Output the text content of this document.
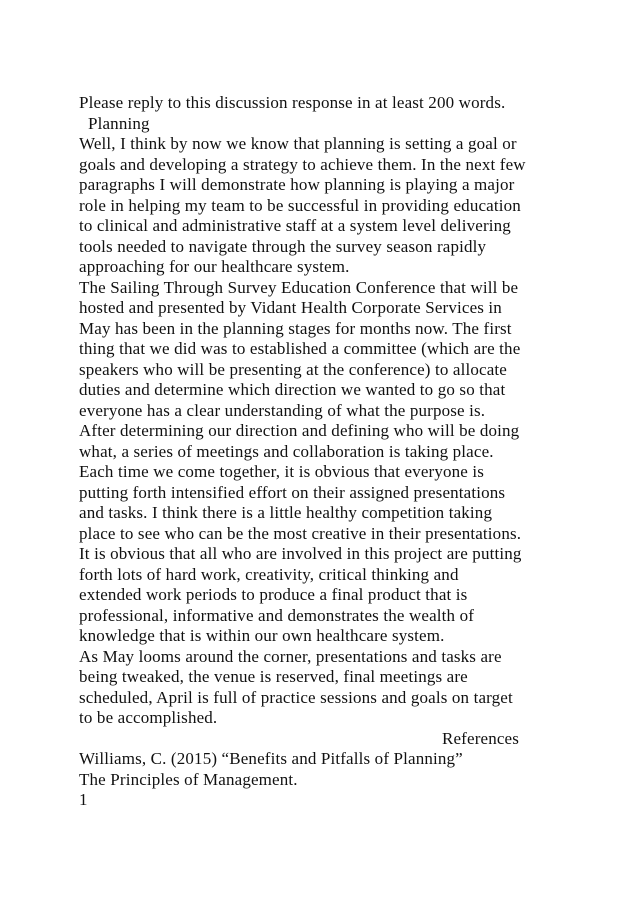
Please reply to this discussion response in at least 200 words.
Planning
Well, I think by now we know that planning is setting a goal or
goals and developing a strategy to achieve them. In the next few
paragraphs I will demonstrate how planning is playing a major
role in helping my team to be successful in providing education
to clinical and administrative staff at a system level delivering
tools needed to navigate through the survey season rapidly
approaching for our healthcare system.
The Sailing Through Survey Education Conference that will be
hosted and presented by Vidant Health Corporate Services in
May has been in the planning stages for months now. The first
thing that we did was to established a committee (which are the
speakers who will be presenting at the conference) to allocate
duties and determine which direction we wanted to go so that
everyone has a clear understanding of what the purpose is.
After determining our direction and defining who will be doing
what, a series of meetings and collaboration is taking place.
Each time we come together, it is obvious that everyone is
putting forth intensified effort on their assigned presentations
and tasks. I think there is a little healthy competition taking
place to see who can be the most creative in their presentations.
It is obvious that all who are involved in this project are putting
forth lots of hard work, creativity, critical thinking and
extended work periods to produce a final product that is
professional, informative and demonstrates the wealth of
knowledge that is within our own healthcare system.
As May looms around the corner, presentations and tasks are
being tweaked, the venue is reserved, final meetings are
scheduled, April is full of practice sessions and goals on target
to be accomplished.
References
Williams, C. (2015) “Benefits and Pitfalls of Planning”
The Principles of Management.
1
